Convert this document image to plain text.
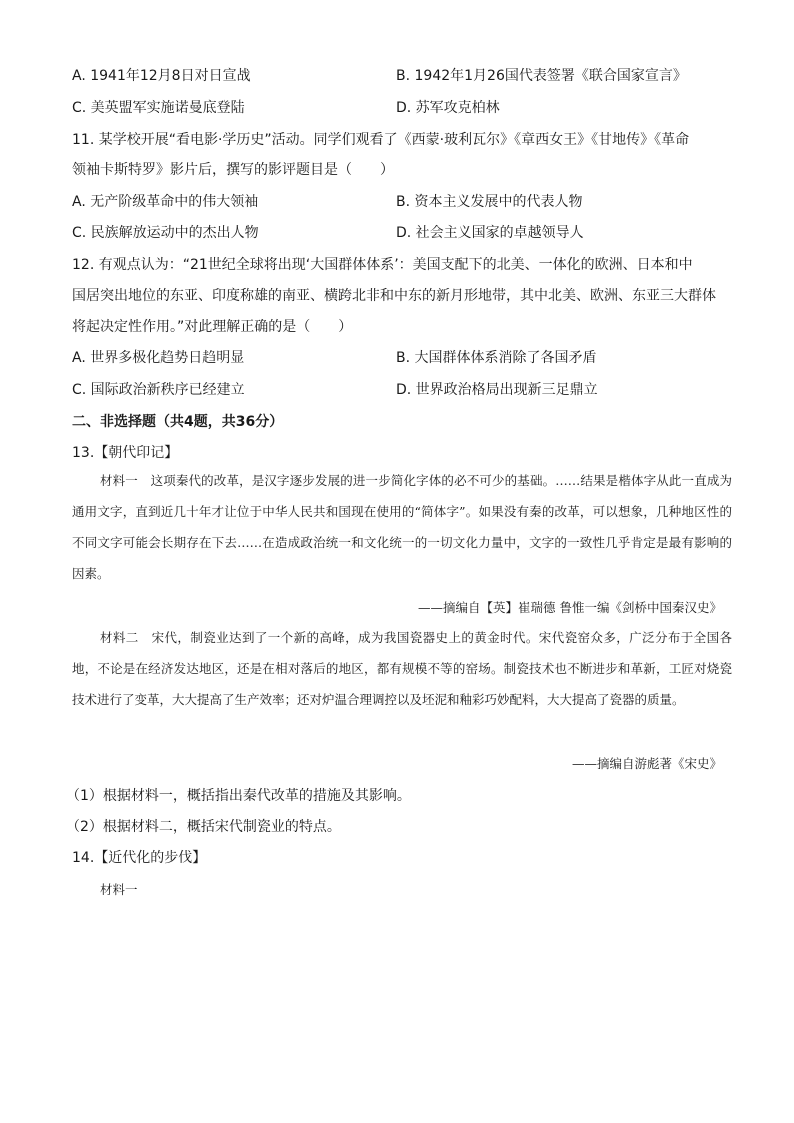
A. 1941年12月8日对日宣战	B. 1942年1月26国代表签署《联合国家宣言》
C. 美英盟军实施诺曼底登陆	D. 苏军攻克柏林
11. 某学校开展“看电影·学历史”活动。同学们观看了《西蒙·玻利瓦尔》《章西女王》《甘地传》《革命
领袖卡斯特罗》影片后，撰写的影评题目是（　　）
A. 无产阶级革命中的伟大领袖	B. 资本主义发展中的代表人物
C. 民族解放运动中的杰出人物	D. 社会主义国家的卓越领导人
12. 有观点认为：“21世纪全球将出现‘大国群体体系’：美国支配下的北美、一体化的欧洲、日本和中
国居突出地位的东亚、印度称雄的南亚、横跨北非和中东的新月形地带，其中北美、欧洲、东亚三大群体
将起决定性作用。”对此理解正确的是（　　）
A. 世界多极化趋势日趋明显	B. 大国群体体系消除了各国矛盾
C. 国际政治新秩序已经建立	D. 世界政治格局出现新三足鼎立
二、非选择题（共4题，共36分）
13.【朝代印记】
材料一　这项秦代的改革，是汉字逐步发展的进一步简化字体的必不可少的基础。……结果是楷体字从此一直成为通用文字，直到近几十年才让位于中华人民共和国现在使用的“简体字”。如果没有秦的改革，可以想象，几种地区性的不同文字可能会长期存在下去……在造成政治统一和文化统一的一切文化力量中，文字的一致性几乎肯定是最有影响的因素。
——摘编自【英】崔瑞德 鲁惟一编《剑桥中国秦汉史》
材料二　宋代，制瓷业达到了一个新的高峰，成为我国瓷器史上的黄金时代。宋代瓷窑众多，广泛分布于全国各地，不论是在经济发达地区，还是在相对落后的地区，都有规模不等的窑场。制瓷技术也不断进步和革新，工匠对烧瓷技术进行了变革，大大提高了生产效率；还对炉温合理调控以及坯泥和釉彩巧妙配料，大大提高了瓷器的质量。
——摘编自游彪著《宋史》
（1）根据材料一，概括指出秦代改革的措施及其影响。
（2）根据材料二，概括宋代制瓷业的特点。
14.【近代化的步伐】
材料一
